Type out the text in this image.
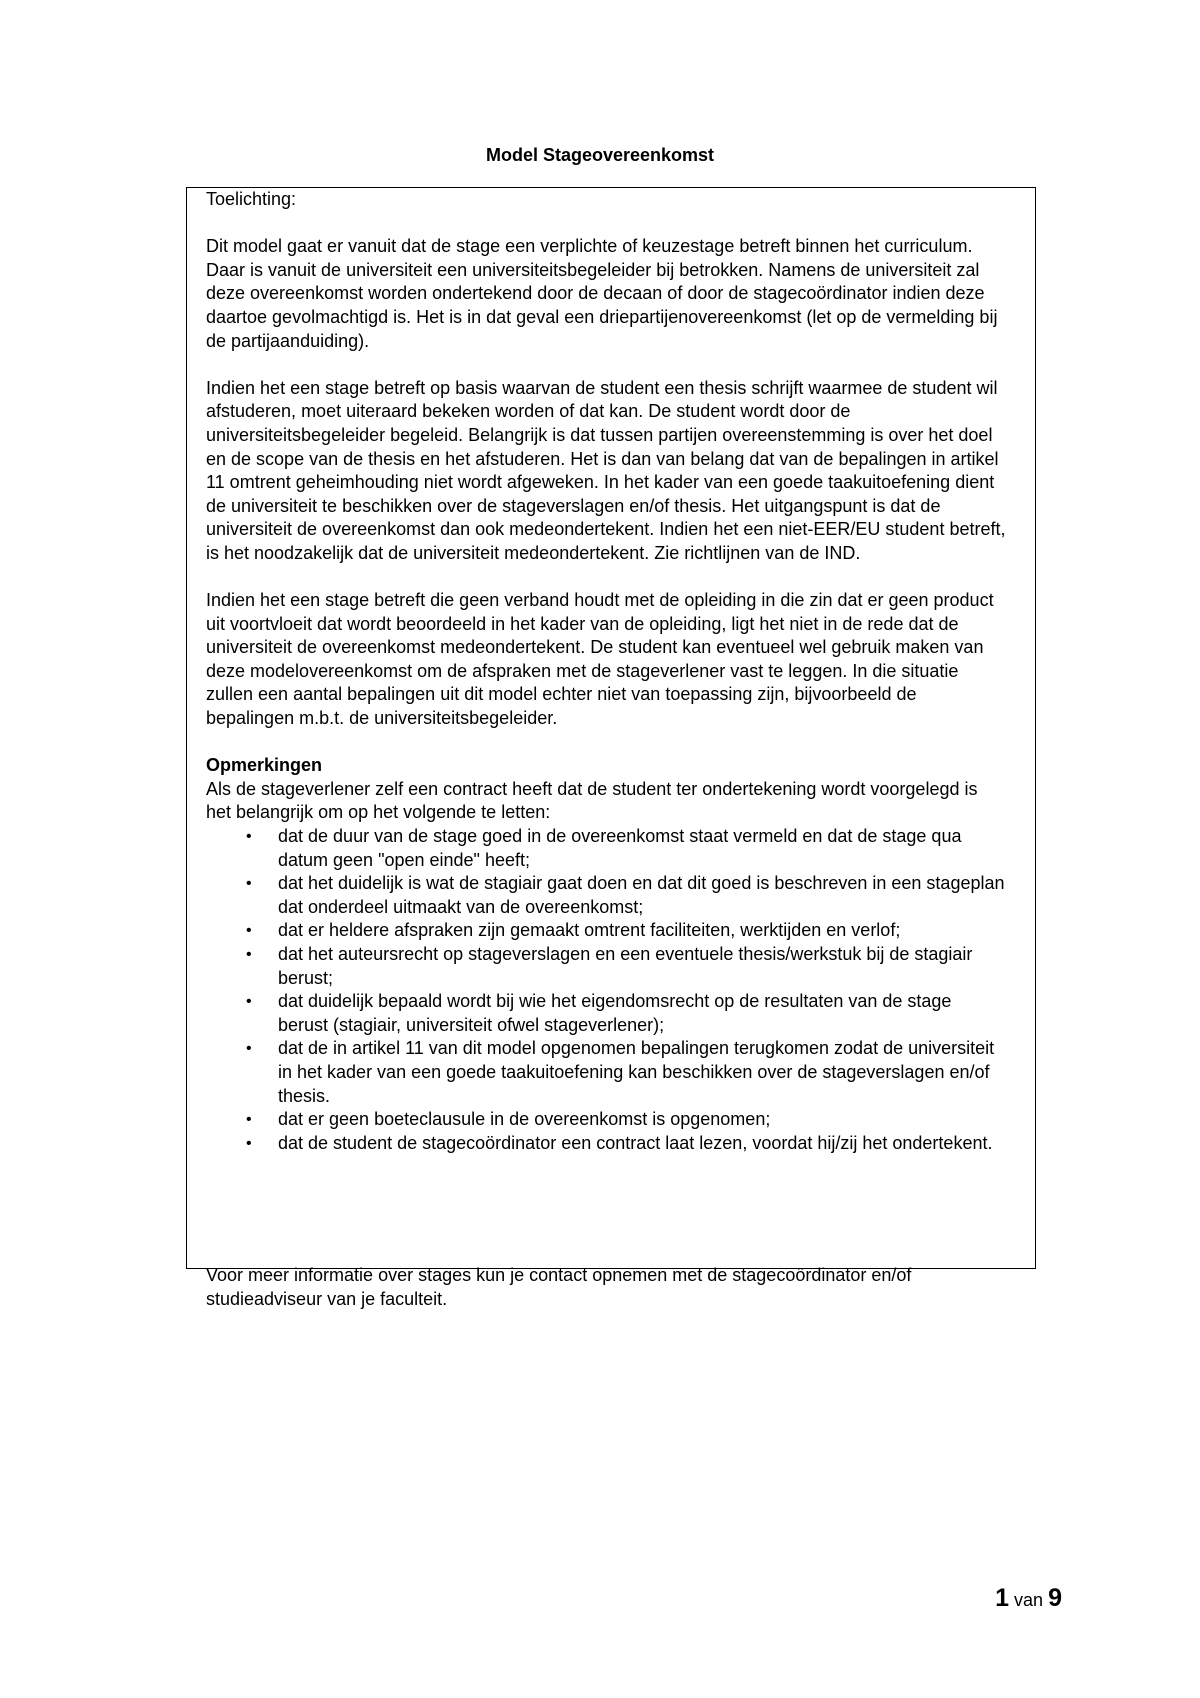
Model Stageovereenkomst

Toelichting:

Dit model gaat er vanuit dat de stage een verplichte of keuzestage betreft binnen het curriculum. Daar is vanuit de universiteit een universiteitsbegeleider bij betrokken. Namens de universiteit zal deze overeenkomst worden ondertekend door de decaan of door de stagecoördinator indien deze daartoe gevolmachtigd is. Het is in dat geval een driepartijenovereenkomst (let op de vermelding bij de partijaanduiding).

Indien het een stage betreft op basis waarvan de student een thesis schrijft waarmee de student wil afstuderen, moet uiteraard bekeken worden of dat kan. De student wordt door de universiteitsbegeleider begeleid. Belangrijk is dat tussen partijen overeenstemming is over het doel en de scope van de thesis en het afstuderen. Het is dan van belang dat van de bepalingen in artikel 11 omtrent geheimhouding niet wordt afgeweken. In het kader van een goede taakuitoefening dient de universiteit te beschikken over de stageverslagen en/of thesis. Het uitgangspunt is dat de universiteit de overeenkomst dan ook medeondertekent. Indien het een niet-EER/EU student betreft, is het noodzakelijk dat de universiteit medeondertekent. Zie richtlijnen van de IND.

Indien het een stage betreft die geen verband houdt met de opleiding in die zin dat er geen product uit voortvloeit dat wordt beoordeeld in het kader van de opleiding, ligt het niet in de rede dat de universiteit de overeenkomst medeondertekent. De student kan eventueel wel gebruik maken van deze modelovereenkomst om de afspraken met de stageverlener vast te leggen. In die situatie zullen een aantal bepalingen uit dit model echter niet van toepassing zijn, bijvoorbeeld de bepalingen m.b.t. de universiteitsbegeleider.

Opmerkingen

Als de stageverlener zelf een contract heeft dat de student ter ondertekening wordt voorgelegd is het belangrijk om op het volgende te letten:

• dat de duur van de stage goed in de overeenkomst staat vermeld en dat de stage qua datum geen "open einde" heeft;
• dat het duidelijk is wat de stagiair gaat doen en dat dit goed is beschreven in een stageplan dat onderdeel uitmaakt van de overeenkomst;
• dat er heldere afspraken zijn gemaakt omtrent faciliteiten, werktijden en verlof;
• dat het auteursrecht op stageverslagen en een eventuele thesis/werkstuk bij de stagiair berust;
• dat duidelijk bepaald wordt bij wie het eigendomsrecht op de resultaten van de stage berust (stagiair, universiteit ofwel stageverlener);
• dat de in artikel 11 van dit model opgenomen bepalingen terugkomen zodat de universiteit in het kader van een goede taakuitoefening kan beschikken over de stageverslagen en/of thesis.
• dat er geen boeteclausule in de overeenkomst is opgenomen;
• dat de student de stagecoördinator een contract laat lezen, voordat hij/zij het ondertekent.

Voor meer informatie over stages kun je contact opnemen met de stagecoördinator en/of studieadviseur van je faculteit.

1 van 9
